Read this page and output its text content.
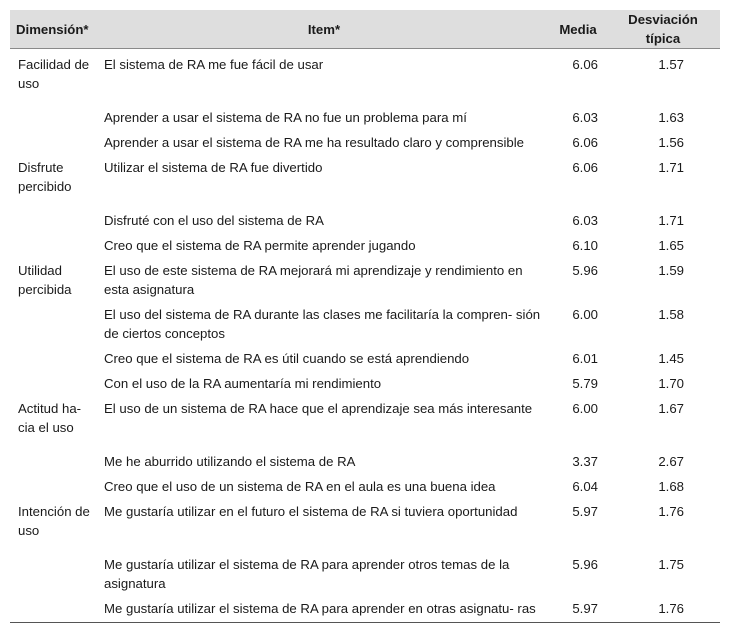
Dimensión*	Item*	Media	Desviación típica
Facilidad de uso	El sistema de RA me fue fácil de usar	6.06	1.57
	Aprender a usar el sistema de RA no fue un problema para mí	6.03	1.63
	Aprender a usar el sistema de RA me ha resultado claro y comprensible	6.06	1.56
Disfrute percibido	Utilizar el sistema de RA fue divertido	6.06	1.71
	Disfruté con el uso del sistema de RA	6.03	1.71
	Creo que el sistema de RA permite aprender jugando	6.10	1.65
Utilidad percibida	El uso de este sistema de RA mejorará mi aprendizaje y rendimiento en esta asignatura	5.96	1.59
	El uso del sistema de RA durante las clases me facilitaría la compren- sión de ciertos conceptos	6.00	1.58
	Creo que el sistema de RA es útil cuando se está aprendiendo	6.01	1.45
	Con el uso de la RA aumentaría mi rendimiento	5.79	1.70
Actitud ha- cia el uso	El uso de un sistema de RA hace que el aprendizaje sea más interesante	6.00	1.67
	Me he aburrido utilizando el sistema de RA	3.37	2.67
	Creo que el uso de un sistema de RA en el aula es una buena idea	6.04	1.68
Intención de uso	Me gustaría utilizar en el futuro el sistema de RA si tuviera oportunidad	5.97	1.76
	Me gustaría utilizar el sistema de RA para aprender otros temas de la asignatura	5.96	1.75
	Me gustaría utilizar el sistema de RA para aprender en otras asignatu- ras	5.97	1.76
